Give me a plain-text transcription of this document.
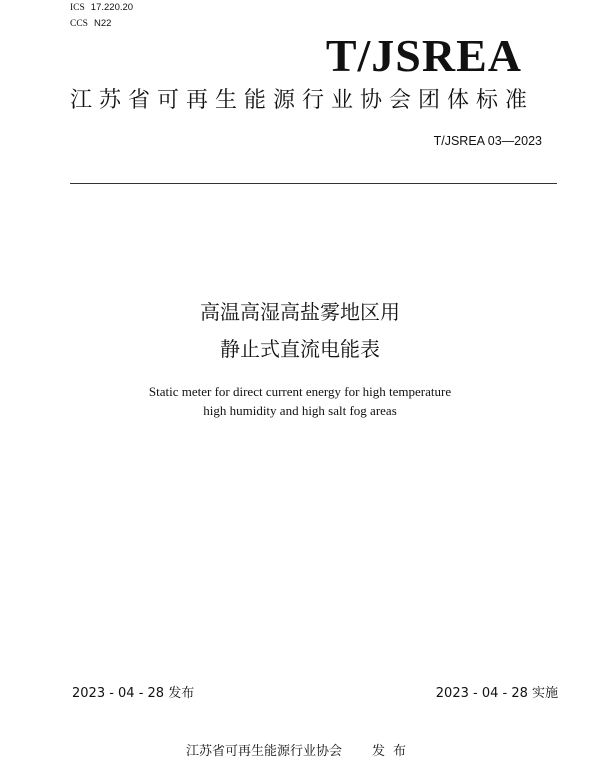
ICS 17.220.20
CCS N22
T/JSREA
江苏省可再生能源行业协会团体标准
T/JSREA 03—2023
高温高湿高盐雾地区用
静止式直流电能表
Static meter for direct current energy for high temperature
high humidity and high salt fog areas
2023 - 04 - 28 发布	2023 - 04 - 28 实施
江苏省可再生能源行业协会 发布
